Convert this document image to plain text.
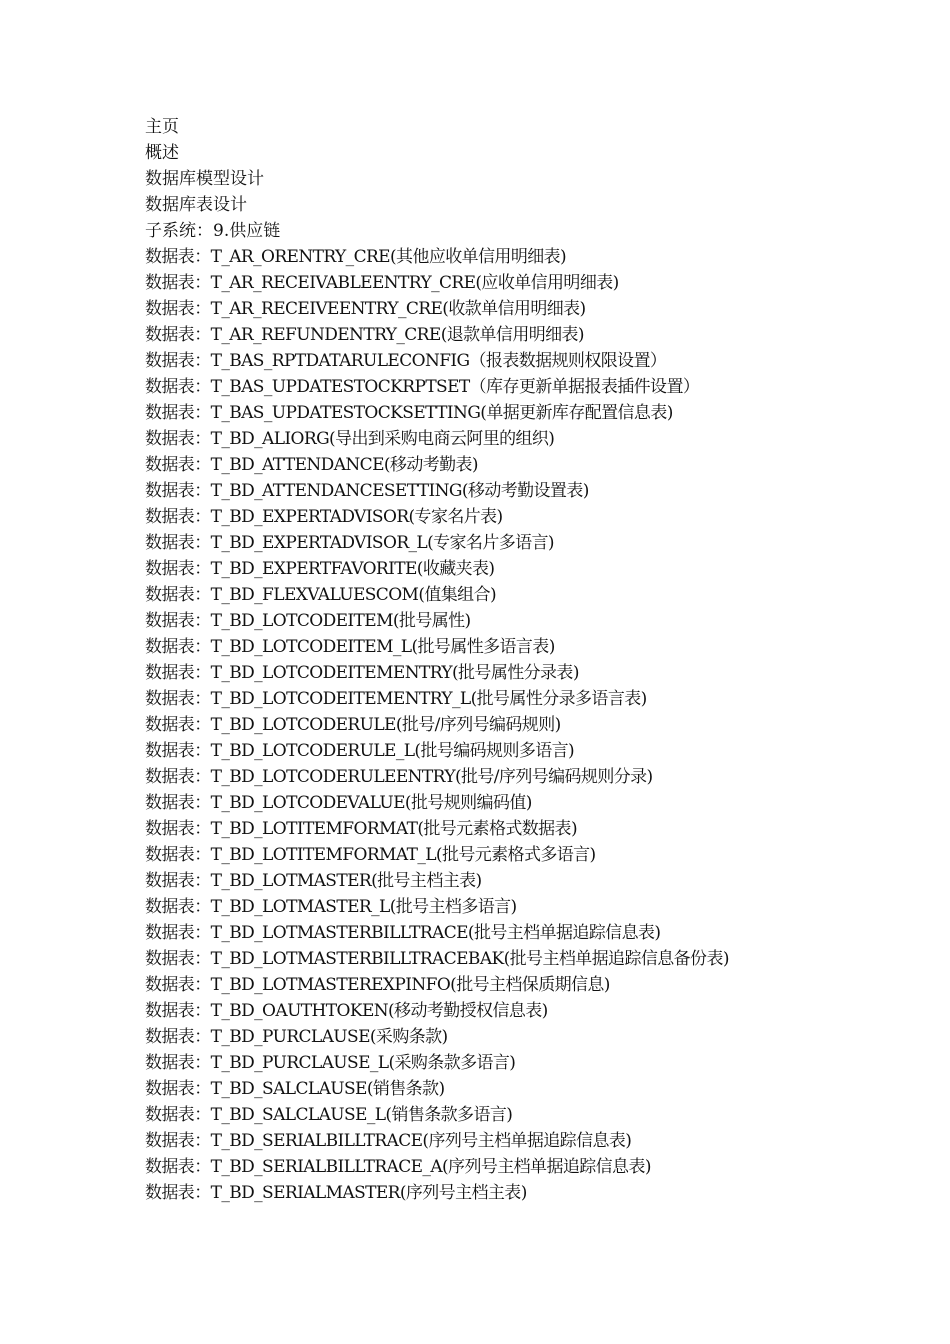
主页
概述
数据库模型设计
数据库表设计
子系统：9.供应链
数据表：T_AR_ORENTRY_CRE(其他应收单信用明细表)
数据表：T_AR_RECEIVABLEENTRY_CRE(应收单信用明细表)
数据表：T_AR_RECEIVEENTRY_CRE(收款单信用明细表)
数据表：T_AR_REFUNDENTRY_CRE(退款单信用明细表)
数据表：T_BAS_RPTDATARULECONFIG（报表数据规则权限设置）
数据表：T_BAS_UPDATESTOCKRPTSET（库存更新单据报表插件设置）
数据表：T_BAS_UPDATESTOCKSETTING(单据更新库存配置信息表)
数据表：T_BD_ALIORG(导出到采购电商云阿里的组织)
数据表：T_BD_ATTENDANCE(移动考勤表)
数据表：T_BD_ATTENDANCESETTING(移动考勤设置表)
数据表：T_BD_EXPERTADVISOR(专家名片表)
数据表：T_BD_EXPERTADVISOR_L(专家名片多语言)
数据表：T_BD_EXPERTFAVORITE(收藏夹表)
数据表：T_BD_FLEXVALUESCOM(值集组合)
数据表：T_BD_LOTCODEITEM(批号属性)
数据表：T_BD_LOTCODEITEM_L(批号属性多语言表)
数据表：T_BD_LOTCODEITEMENTRY(批号属性分录表)
数据表：T_BD_LOTCODEITEMENTRY_L(批号属性分录多语言表)
数据表：T_BD_LOTCODERULE(批号/序列号编码规则)
数据表：T_BD_LOTCODERULE_L(批号编码规则多语言)
数据表：T_BD_LOTCODERULEENTRY(批号/序列号编码规则分录)
数据表：T_BD_LOTCODEVALUE(批号规则编码值)
数据表：T_BD_LOTITEMFORMAT(批号元素格式数据表)
数据表：T_BD_LOTITEMFORMAT_L(批号元素格式多语言)
数据表：T_BD_LOTMASTER(批号主档主表)
数据表：T_BD_LOTMASTER_L(批号主档多语言)
数据表：T_BD_LOTMASTERBILLTRACE(批号主档单据追踪信息表)
数据表：T_BD_LOTMASTERBILLTRACEBAK(批号主档单据追踪信息备份表)
数据表：T_BD_LOTMASTEREXPINFO(批号主档保质期信息)
数据表：T_BD_OAUTHTOKEN(移动考勤授权信息表)
数据表：T_BD_PURCLAUSE(采购条款)
数据表：T_BD_PURCLAUSE_L(采购条款多语言)
数据表：T_BD_SALCLAUSE(销售条款)
数据表：T_BD_SALCLAUSE_L(销售条款多语言)
数据表：T_BD_SERIALBILLTRACE(序列号主档单据追踪信息表)
数据表：T_BD_SERIALBILLTRACE_A(序列号主档单据追踪信息表)
数据表：T_BD_SERIALMASTER(序列号主档主表)
